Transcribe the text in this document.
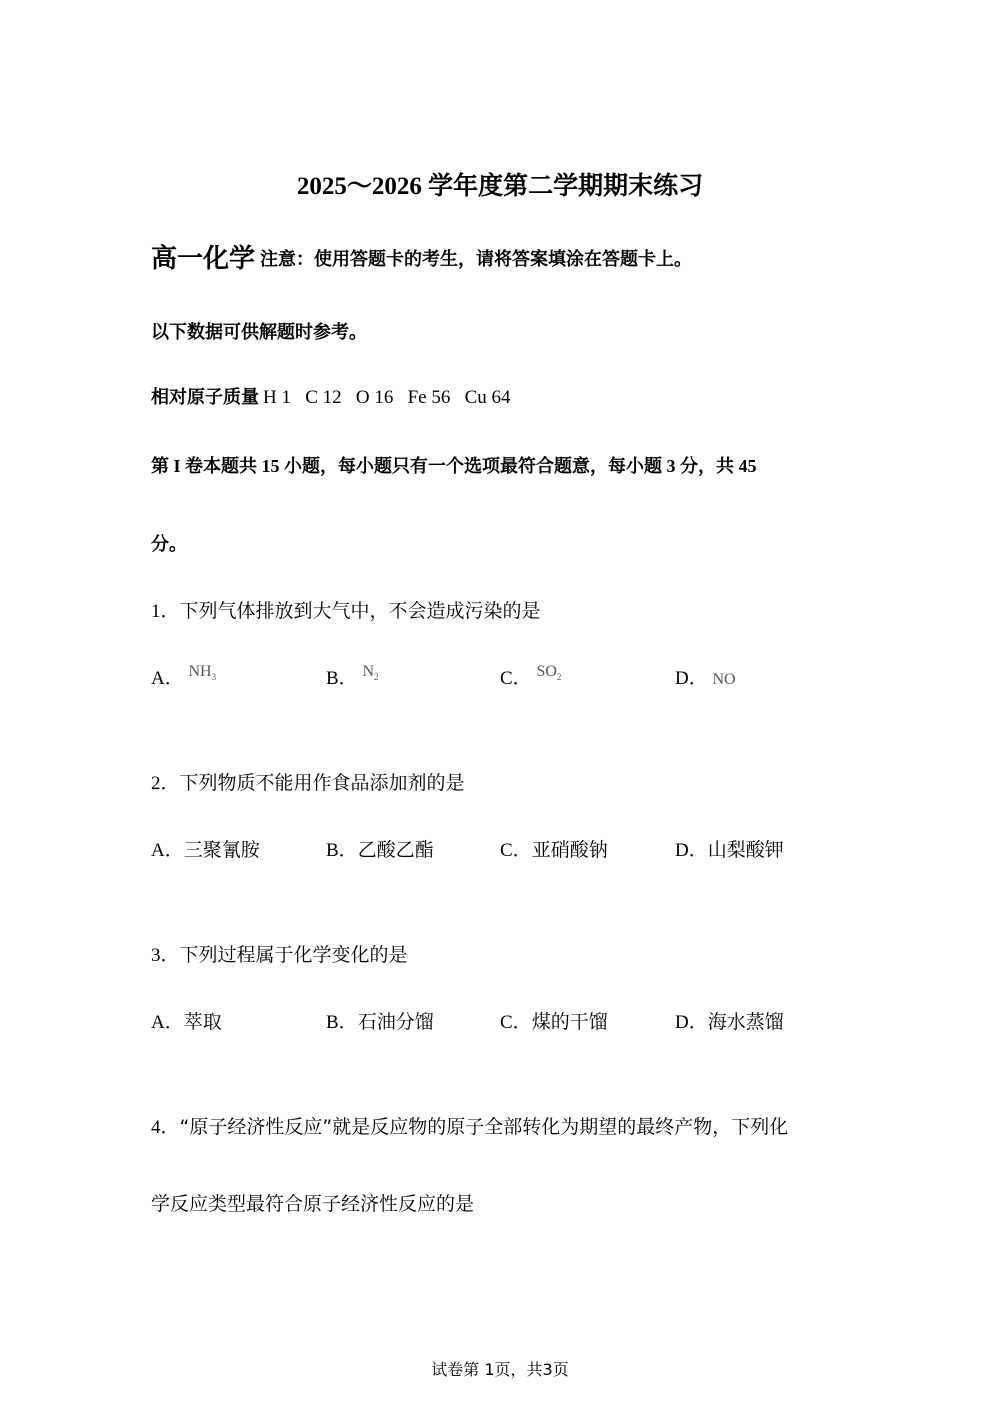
2025～2026 学年度第二学期期末练习
高一化学 注意：使用答题卡的考生，请将答案填涂在答题卡上。
以下数据可供解题时参考。
相对原子质量 H 1   C 12   O 16   Fe 56   Cu 64
第 I 卷本题共 15 小题，每小题只有一个选项最符合题意，每小题 3 分，共 45
分。
1．下列气体排放到大气中，不会造成污染的是
A． $^{NH_3}$	B． $^{N_2}$	C． $^{SO_2}$	D． NO
2．下列物质不能用作食品添加剂的是
A．三聚氰胺	B．乙酸乙酯	C．亚硝酸钠	D．山梨酸钾
3．下列过程属于化学变化的是
A．萃取	B．石油分馏	C．煤的干馏	D．海水蒸馏
4．“原子经济性反应”就是反应物的原子全部转化为期望的最终产物，下列化
学反应类型最符合原子经济性反应的是
试卷第 1页，共3页
